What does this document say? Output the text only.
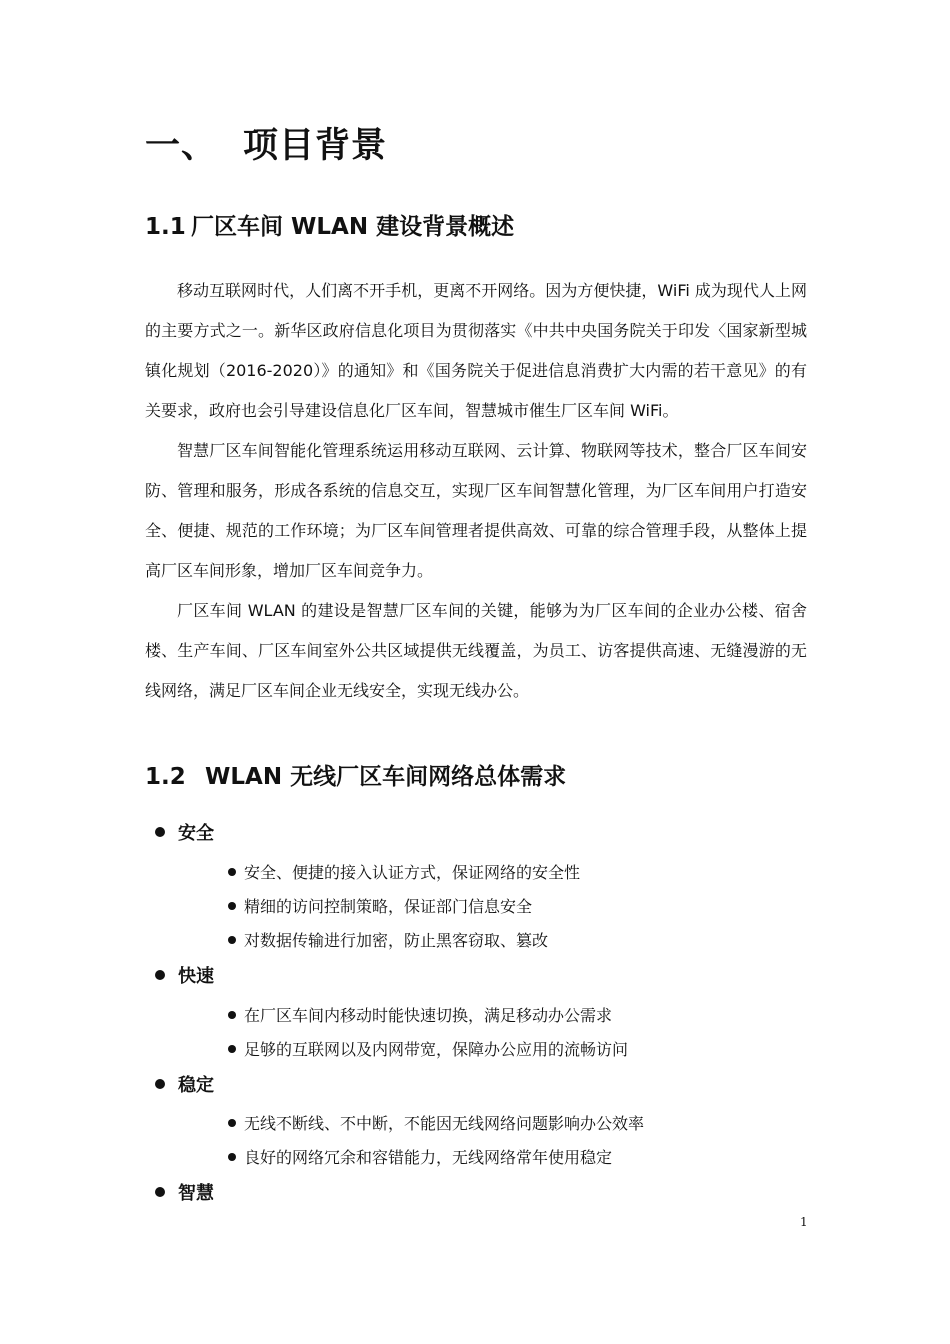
一、 项目背景
1.1 厂区车间 WLAN 建设背景概述

移动互联网时代，人们离不开手机，更离不开网络。因为方便快捷，WiFi 成为现代人上网的主要方式之一。新华区政府信息化项目为贯彻落实《中共中央国务院关于印发〈国家新型城镇化规划（2016-2020）》的通知》和《国务院关于促进信息消费扩大内需的若干意见》的有关要求，政府也会引导建设信息化厂区车间，智慧城市催生厂区车间 WiFi。

智慧厂区车间智能化管理系统运用移动互联网、云计算、物联网等技术，整合厂区车间安防、管理和服务，形成各系统的信息交互，实现厂区车间智慧化管理，为厂区车间用户打造安全、便捷、规范的工作环境；为厂区车间管理者提供高效、可靠的综合管理手段，从整体上提高厂区车间形象，增加厂区车间竞争力。

厂区车间 WLAN 的建设是智慧厂区车间的关键，能够为为厂区车间的企业办公楼、宿舍楼、生产车间、厂区车间室外公共区域提供无线覆盖，为员工、访客提供高速、无缝漫游的无线网络，满足厂区车间企业无线安全，实现无线办公。

1.2 WLAN 无线厂区车间网络总体需求
安全
安全、便捷的接入认证方式，保证网络的安全性
精细的访问控制策略，保证部门信息安全
对数据传输进行加密，防止黑客窃取、篡改
快速
在厂区车间内移动时能快速切换，满足移动办公需求
足够的互联网以及内网带宽，保障办公应用的流畅访问
稳定
无线不断线、不中断，不能因无线网络问题影响办公效率
良好的网络冗余和容错能力，无线网络常年使用稳定
智慧
1
